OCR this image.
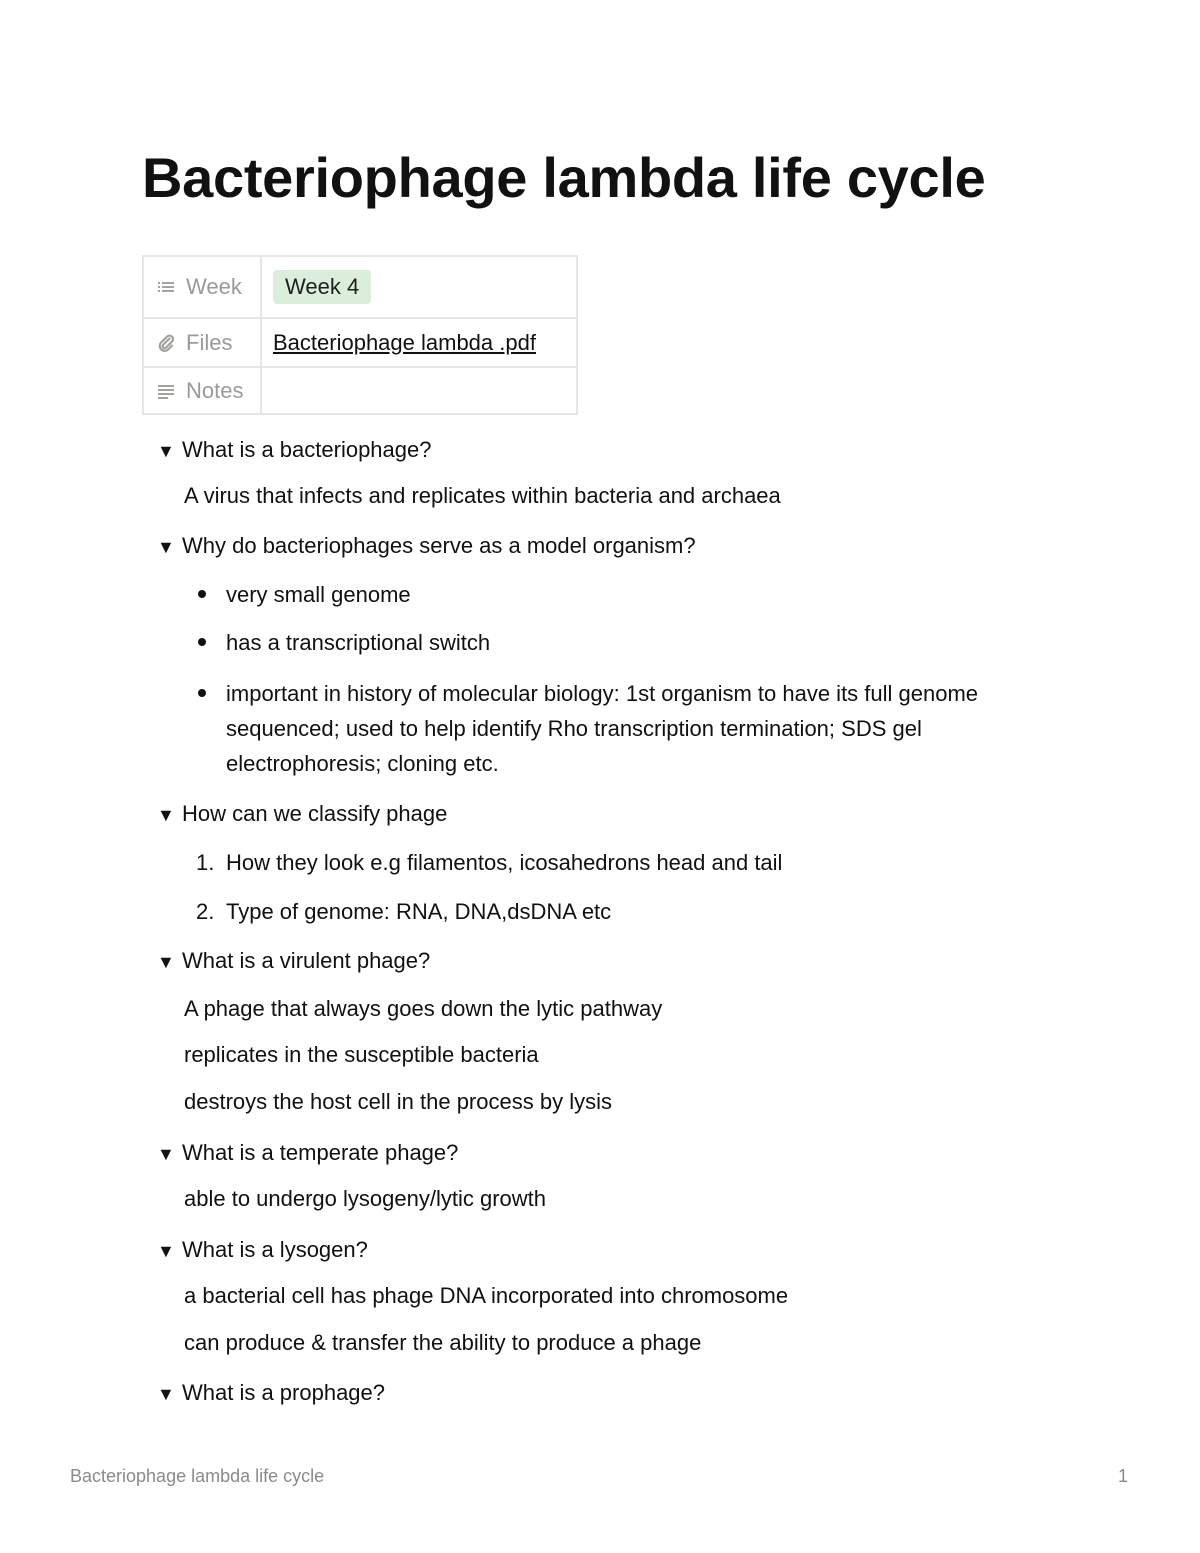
Bacteriophage lambda life cycle
Week	Week 4

Files	Bacteriophage lambda .pdf

Notes	

▼ What is a bacteriophage?
A virus that infects and replicates within bacteria and archaea
▼ Why do bacteriophages serve as a model organism?
very small genome
has a transcriptional switch
important in history of molecular biology: 1st organism to have its full genome sequenced; used to help identify Rho transcription termination; SDS gel electrophoresis; cloning etc.
▼ How can we classify phage
1. How they look e.g filamentos, icosahedrons head and tail
2. Type of genome: RNA, DNA,dsDNA etc
▼ What is a virulent phage?
A phage that always goes down the lytic pathway
replicates in the susceptible bacteria
destroys the host cell in the process by lysis
▼ What is a temperate phage?
able to undergo lysogeny/lytic growth
▼ What is a lysogen?
a bacterial cell has phage DNA incorporated into chromosome
can produce & transfer the ability to produce a phage
▼ What is a prophage?
Bacteriophage lambda life cycle	1
